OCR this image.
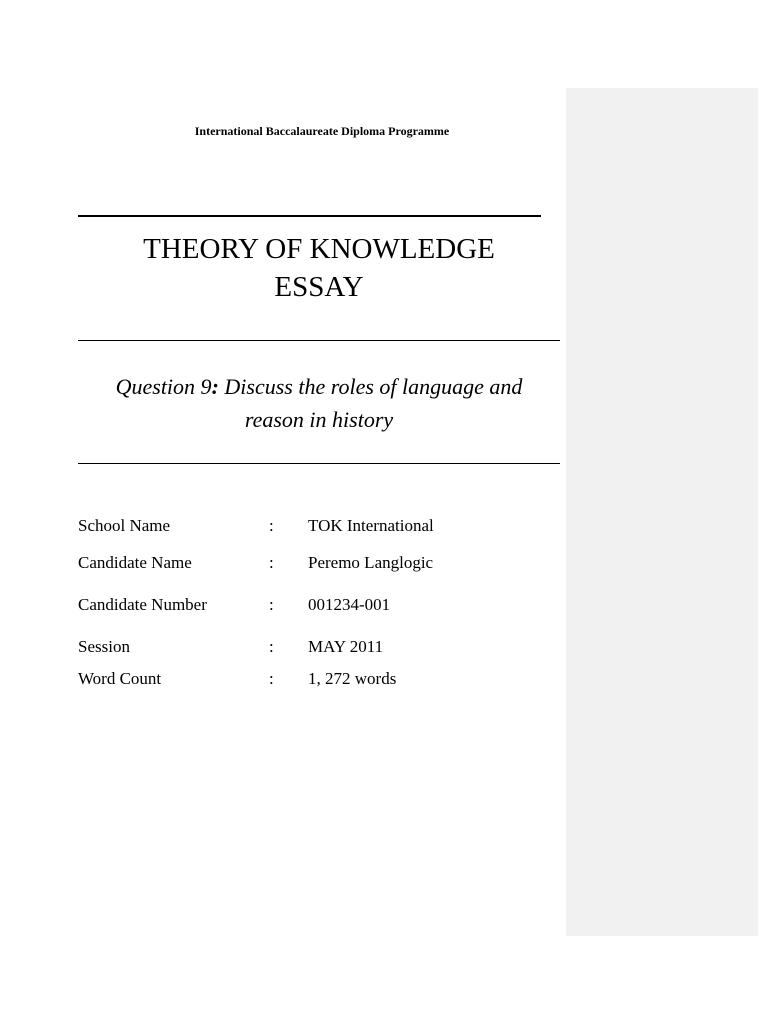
International Baccalaureate Diploma Programme
THEORY OF KNOWLEDGE
ESSAY
Question 9: Discuss the roles of language and
reason in history
School Name	: TOK International
Candidate Name	: Peremo Langlogic
Candidate Number	: 001234-001
Session	: MAY 2011
Word Count	: 1, 272 words
